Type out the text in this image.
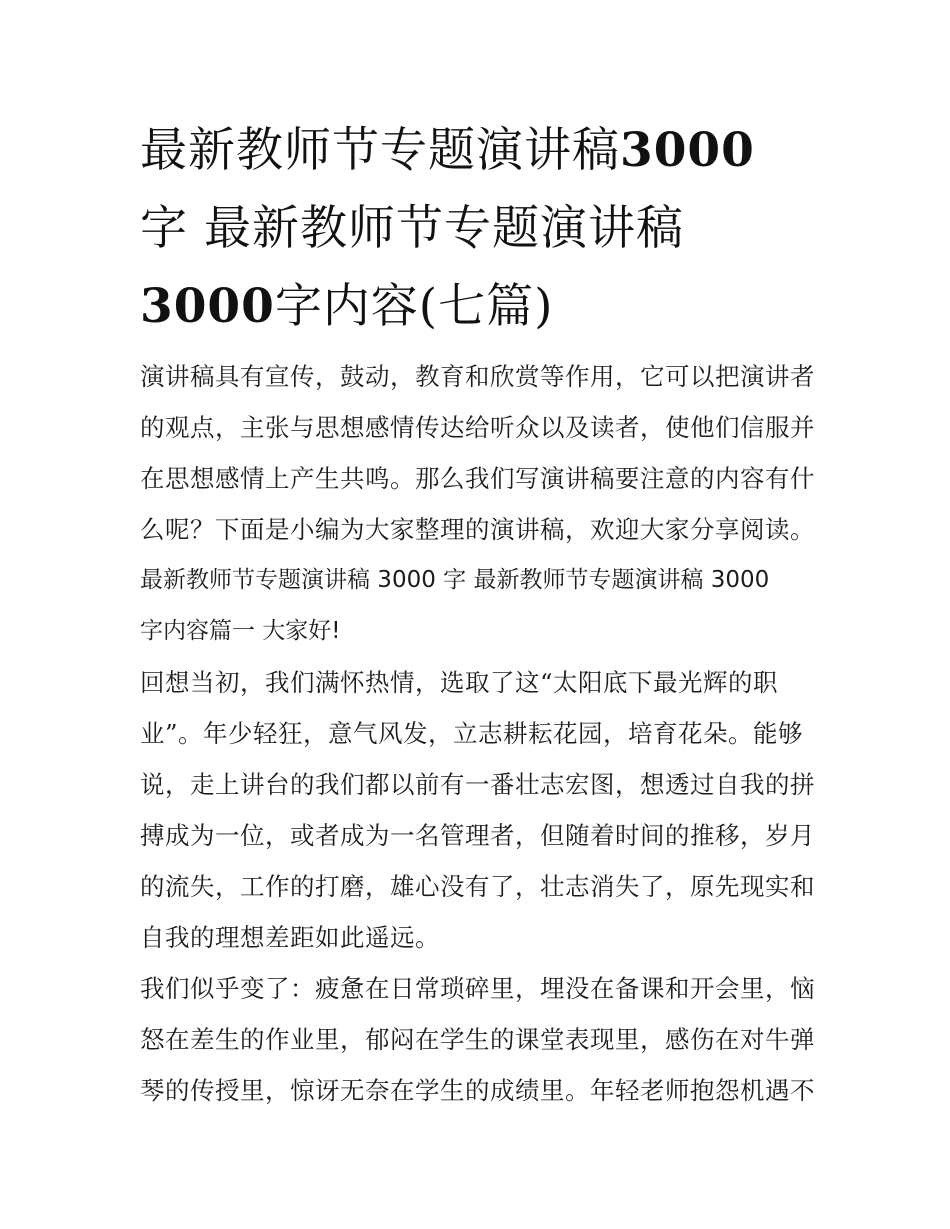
最新教师节专题演讲稿3000
字 最新教师节专题演讲稿
3000字内容(七篇)
演讲稿具有宣传，鼓动，教育和欣赏等作用，它可以把演讲者
的观点，主张与思想感情传达给听众以及读者，使他们信服并
在思想感情上产生共鸣。那么我们写演讲稿要注意的内容有什
么呢？下面是小编为大家整理的演讲稿，欢迎大家分享阅读。
最新教师节专题演讲稿 3000 字 最新教师节专题演讲稿 3000
字内容篇一 大家好!
回想当初，我们满怀热情，选取了这“太阳底下最光辉的职
业”。年少轻狂，意气风发，立志耕耘花园，培育花朵。能够
说，走上讲台的我们都以前有一番壮志宏图，想透过自我的拼
搏成为一位，或者成为一名管理者，但随着时间的推移，岁月
的流失，工作的打磨，雄心没有了，壮志消失了，原先现实和
自我的理想差距如此遥远。
我们似乎变了：疲惫在日常琐碎里，埋没在备课和开会里，恼
怒在差生的作业里，郁闷在学生的课堂表现里，感伤在对牛弹
琴的传授里，惊讶无奈在学生的成绩里。年轻老师抱怨机遇不
